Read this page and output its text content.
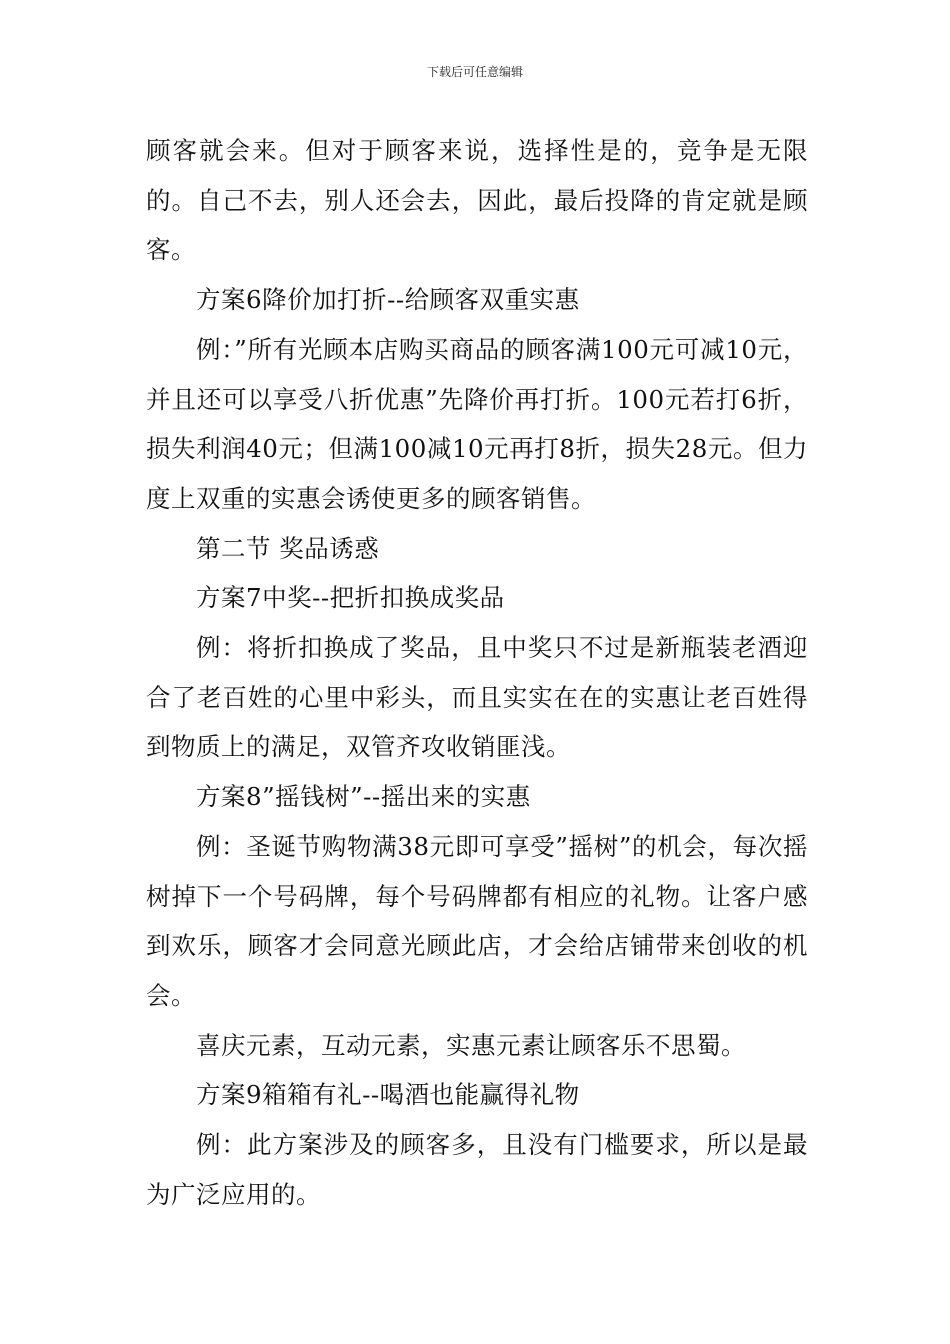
下载后可任意编辑

顾客就会来。但对于顾客来说，选择性是的，竞争是无限的。自己不去，别人还会去，因此，最后投降的肯定就是顾客。

方案6降价加打折--给顾客双重实惠

例：”所有光顾本店购买商品的顾客满100元可减10元，并且还可以享受八折优惠”先降价再打折。100元若打6折，损失利润40元；但满100减10元再打8折，损失28元。但力度上双重的实惠会诱使更多的顾客销售。

第二节 奖品诱惑

方案7中奖--把折扣换成奖品

例：将折扣换成了奖品，且中奖只不过是新瓶装老酒迎合了老百姓的心里中彩头，而且实实在在的实惠让老百姓得到物质上的满足，双管齐攻收销匪浅。

方案8”摇钱树”--摇出来的实惠

例：圣诞节购物满38元即可享受”摇树”的机会，每次摇树掉下一个号码牌，每个号码牌都有相应的礼物。让客户感到欢乐，顾客才会同意光顾此店，才会给店铺带来创收的机会。

喜庆元素，互动元素，实惠元素让顾客乐不思蜀。

方案9箱箱有礼--喝酒也能赢得礼物

例：此方案涉及的顾客多，且没有门槛要求，所以是最为广泛应用的。
